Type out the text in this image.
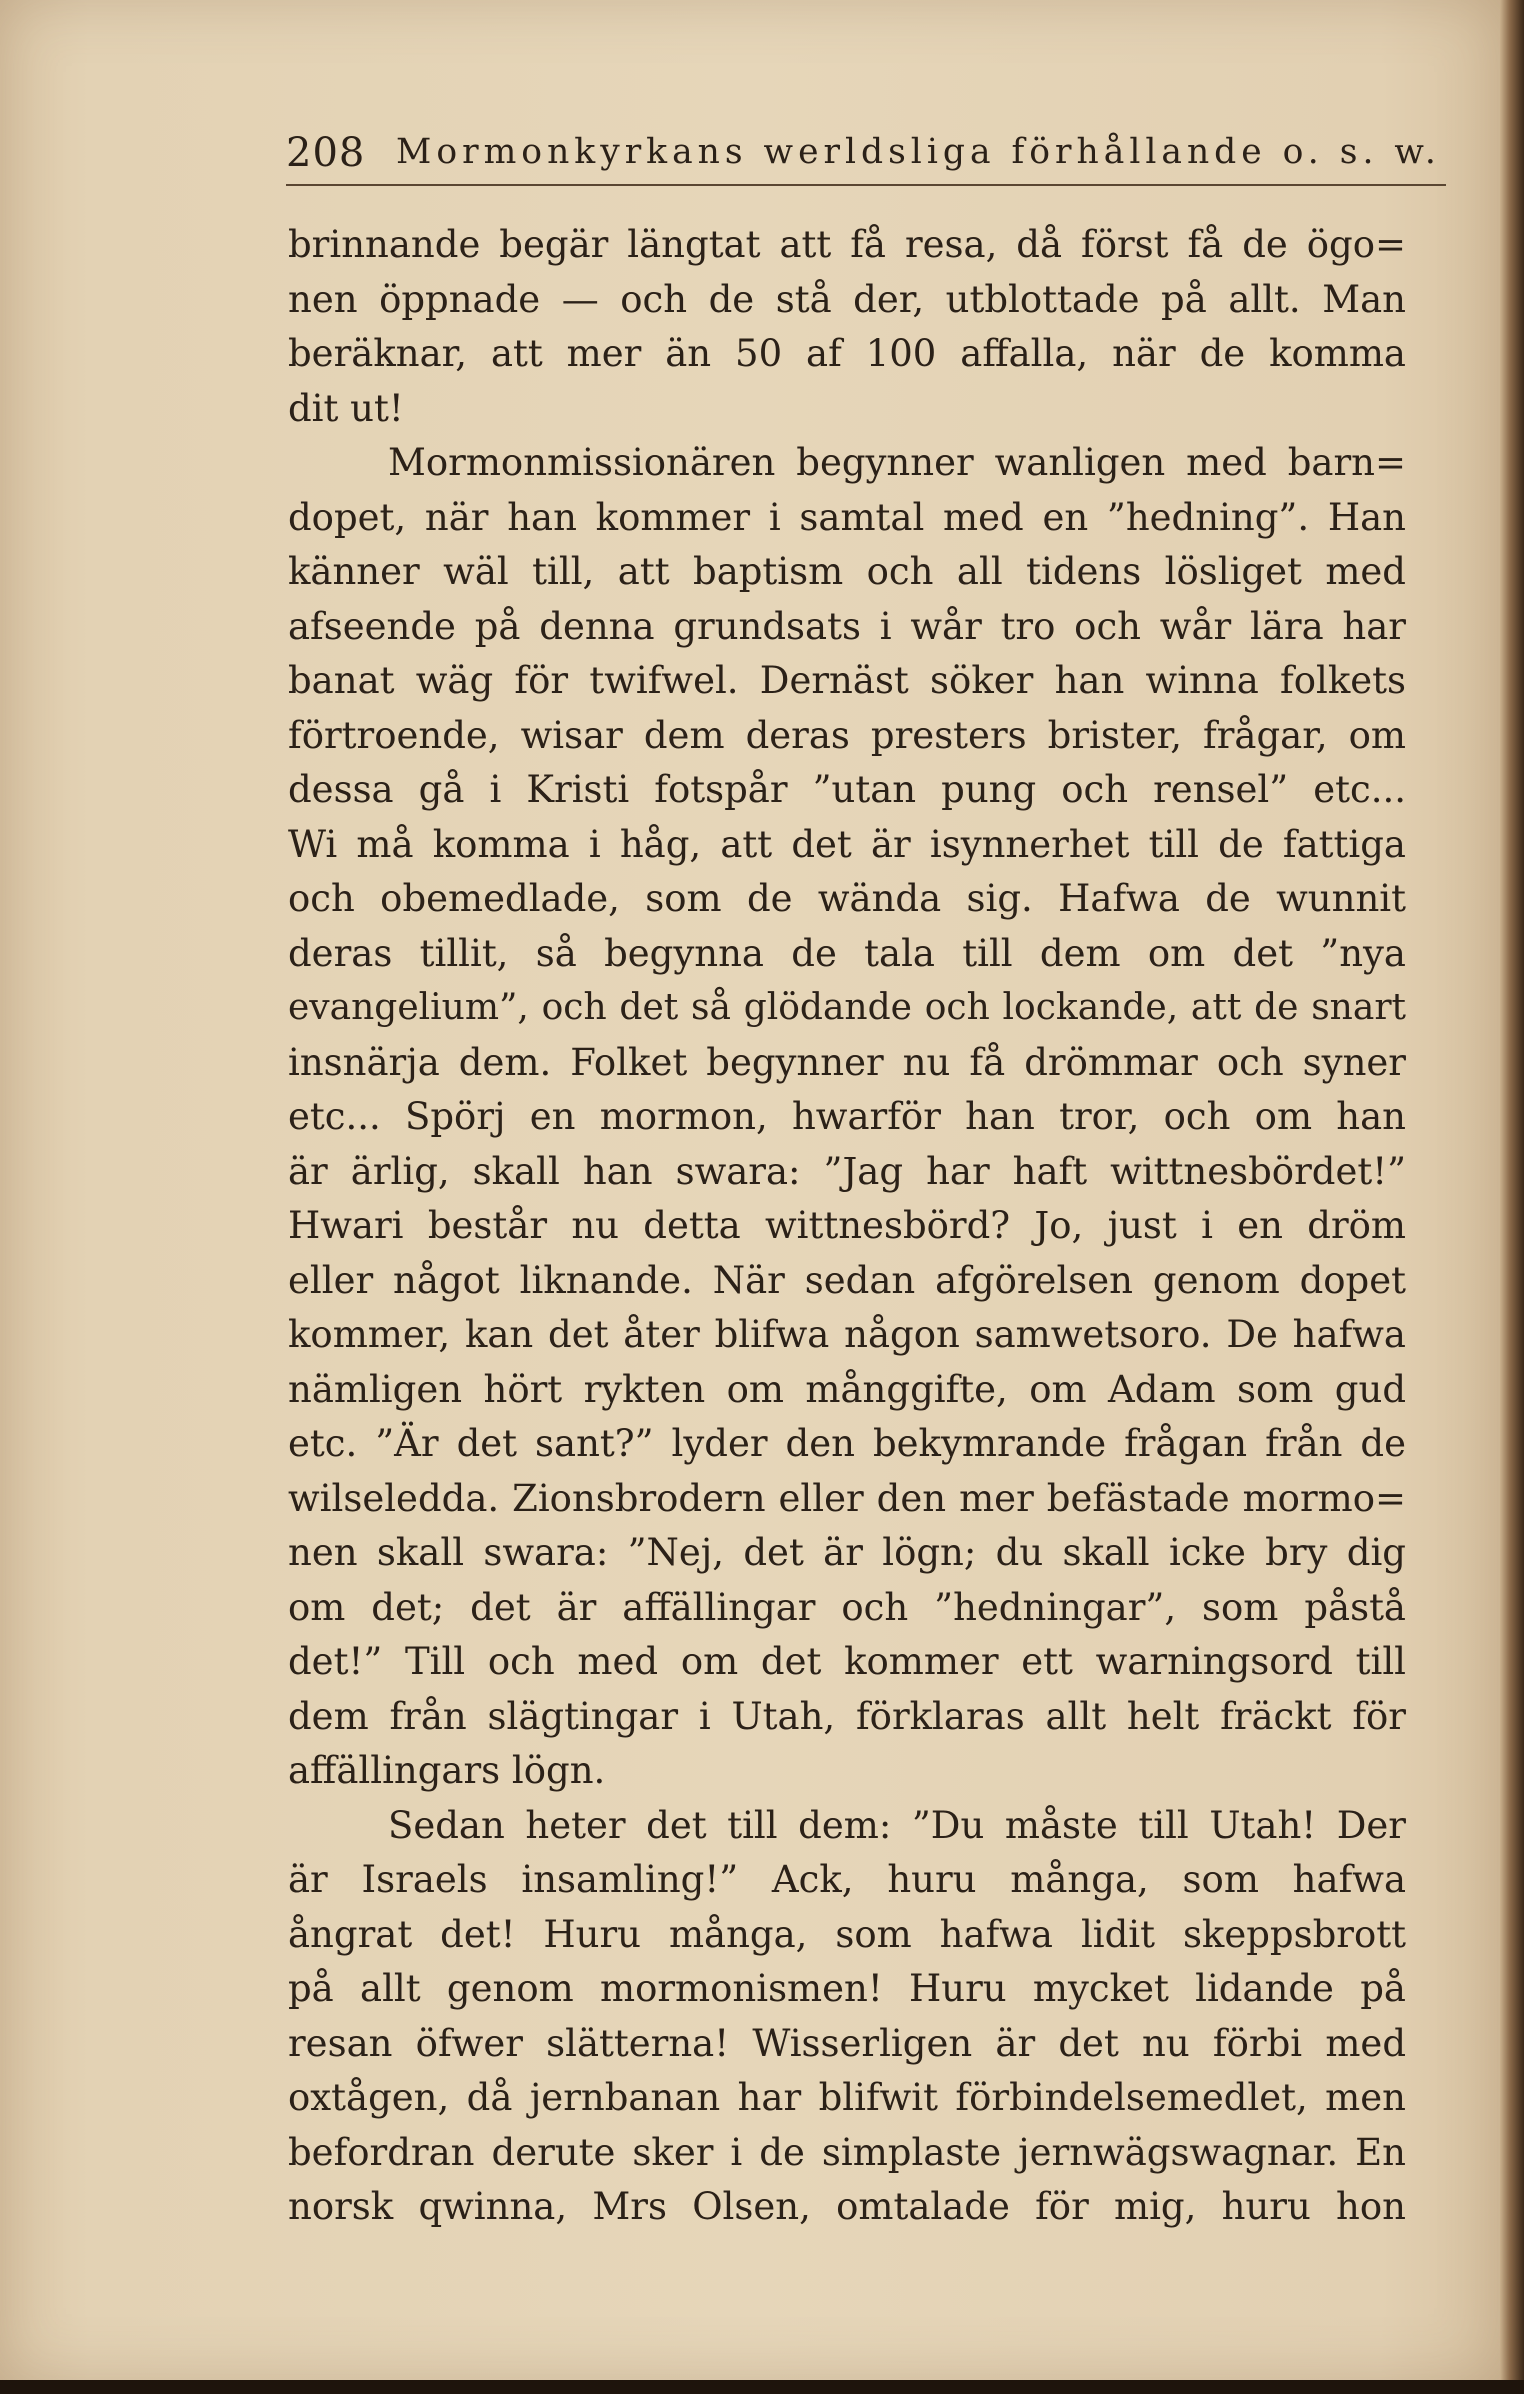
208 Mormonkyrkans werldsliga förhållande o. s. w.
brinnande begär längtat att få resa, då först få de ögo=
nen öppnade — och de stå der, utblottade på allt. Man
beräknar, att mer än 50 af 100 affalla, när de komma
dit ut!
Mormonmissionären begynner wanligen med barn=
dopet, när han kommer i samtal med en ”hedning”. Han
känner wäl till, att baptism och all tidens lösliget med
afseende på denna grundsats i wår tro och wår lära har
banat wäg för twifwel. Dernäst söker han winna folkets
förtroende, wisar dem deras presters brister, frågar, om
dessa gå i Kristi fotspår ”utan pung och rensel” etc...
Wi må komma i håg, att det är isynnerhet till de fattiga
och obemedlade, som de wända sig. Hafwa de wunnit
deras tillit, så begynna de tala till dem om det ”nya
evangelium”, och det så glödande och lockande, att de snart
insnärja dem. Folket begynner nu få drömmar och syner
etc... Spörj en mormon, hwarför han tror, och om han
är ärlig, skall han swara: ”Jag har haft wittnesbördet!”
Hwari består nu detta wittnesbörd? Jo, just i en dröm
eller något liknande. När sedan afgörelsen genom dopet
kommer, kan det åter blifwa någon samwetsoro. De hafwa
nämligen hört rykten om månggifte, om Adam som gud
etc. ”Är det sant?” lyder den bekymrande frågan från de
wilseledda. Zionsbrodern eller den mer befästade mormo=
nen skall swara: ”Nej, det är lögn; du skall icke bry dig
om det; det är affällingar och ”hedningar”, som påstå
det!” Till och med om det kommer ett warningsord till
dem från slägtingar i Utah, förklaras allt helt fräckt för
affällingars lögn.
Sedan heter det till dem: ”Du måste till Utah! Der
är Israels insamling!” Ack, huru många, som hafwa
ångrat det! Huru många, som hafwa lidit skeppsbrott
på allt genom mormonismen! Huru mycket lidande på
resan öfwer slätterna! Wisserligen är det nu förbi med
oxtågen, då jernbanan har blifwit förbindelsemedlet, men
befordran derute sker i de simplaste jernwägswagnar. En
norsk qwinna, Mrs Olsen, omtalade för mig, huru hon
